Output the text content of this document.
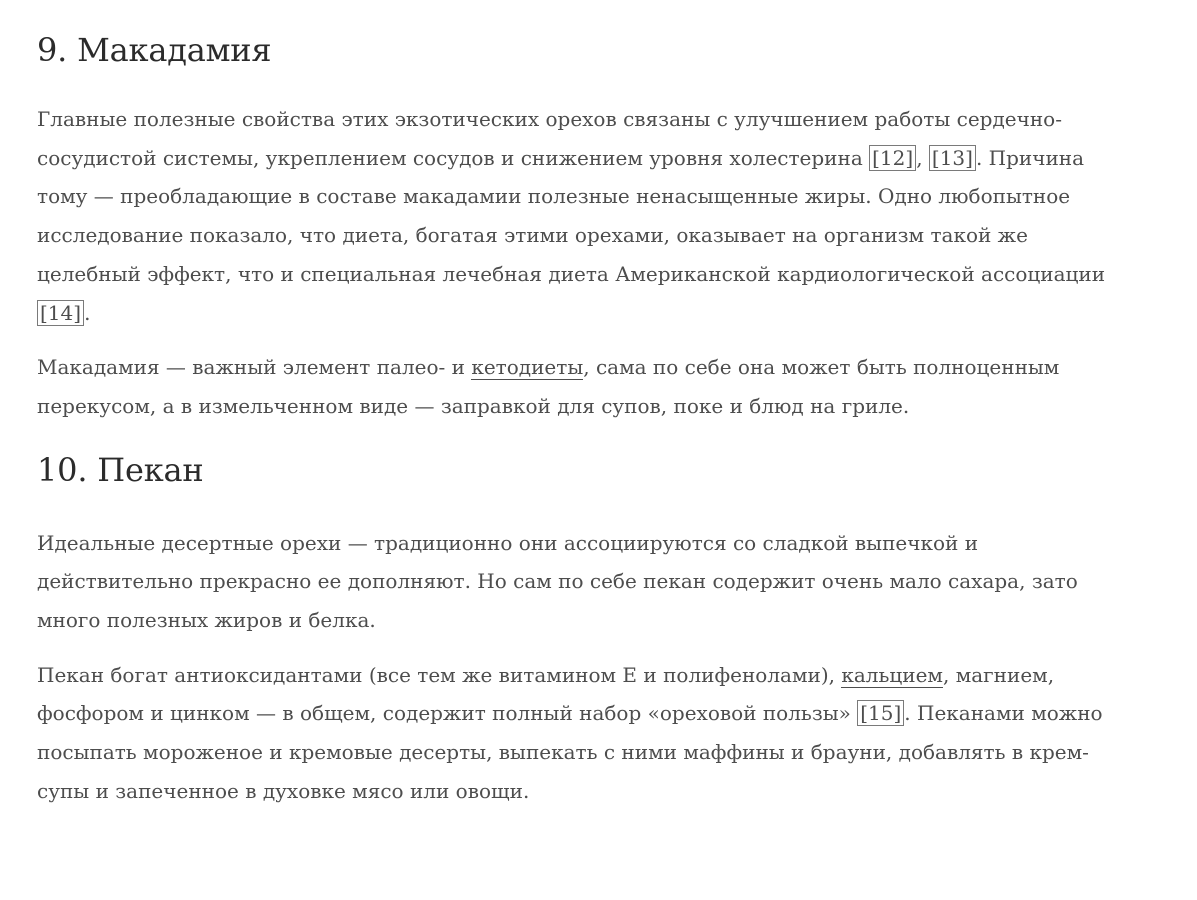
9. Макадамия

Главные полезные свойства этих экзотических орехов связаны с улучшением работы сердечно-сосудистой системы, укреплением сосудов и снижением уровня холестерина [12] , [13] . Причина тому — преобладающие в составе макадамии полезные ненасыщенные жиры. Одно любопытное исследование показало, что диета, богатая этими орехами, оказывает на организм такой же целебный эффект, что и специальная лечебная диета Американской кардиологической ассоциации [14] .

Макадамия — важный элемент палео- и кетодиеты, сама по себе она может быть полноценным перекусом, а в измельченном виде — заправкой для супов, поке и блюд на гриле.

10. Пекан

Идеальные десертные орехи — традиционно они ассоциируются со сладкой выпечкой и действительно прекрасно ее дополняют. Но сам по себе пекан содержит очень мало сахара, зато много полезных жиров и белка.

Пекан богат антиоксидантами (все тем же витамином Е и полифенолами), кальцием, магнием, фосфором и цинком — в общем, содержит полный набор «ореховой пользы» [15] . Пеканами можно посыпать мороженое и кремовые десерты, выпекать с ними маффины и брауни, добавлять в крем-супы и запеченное в духовке мясо или овощи.
